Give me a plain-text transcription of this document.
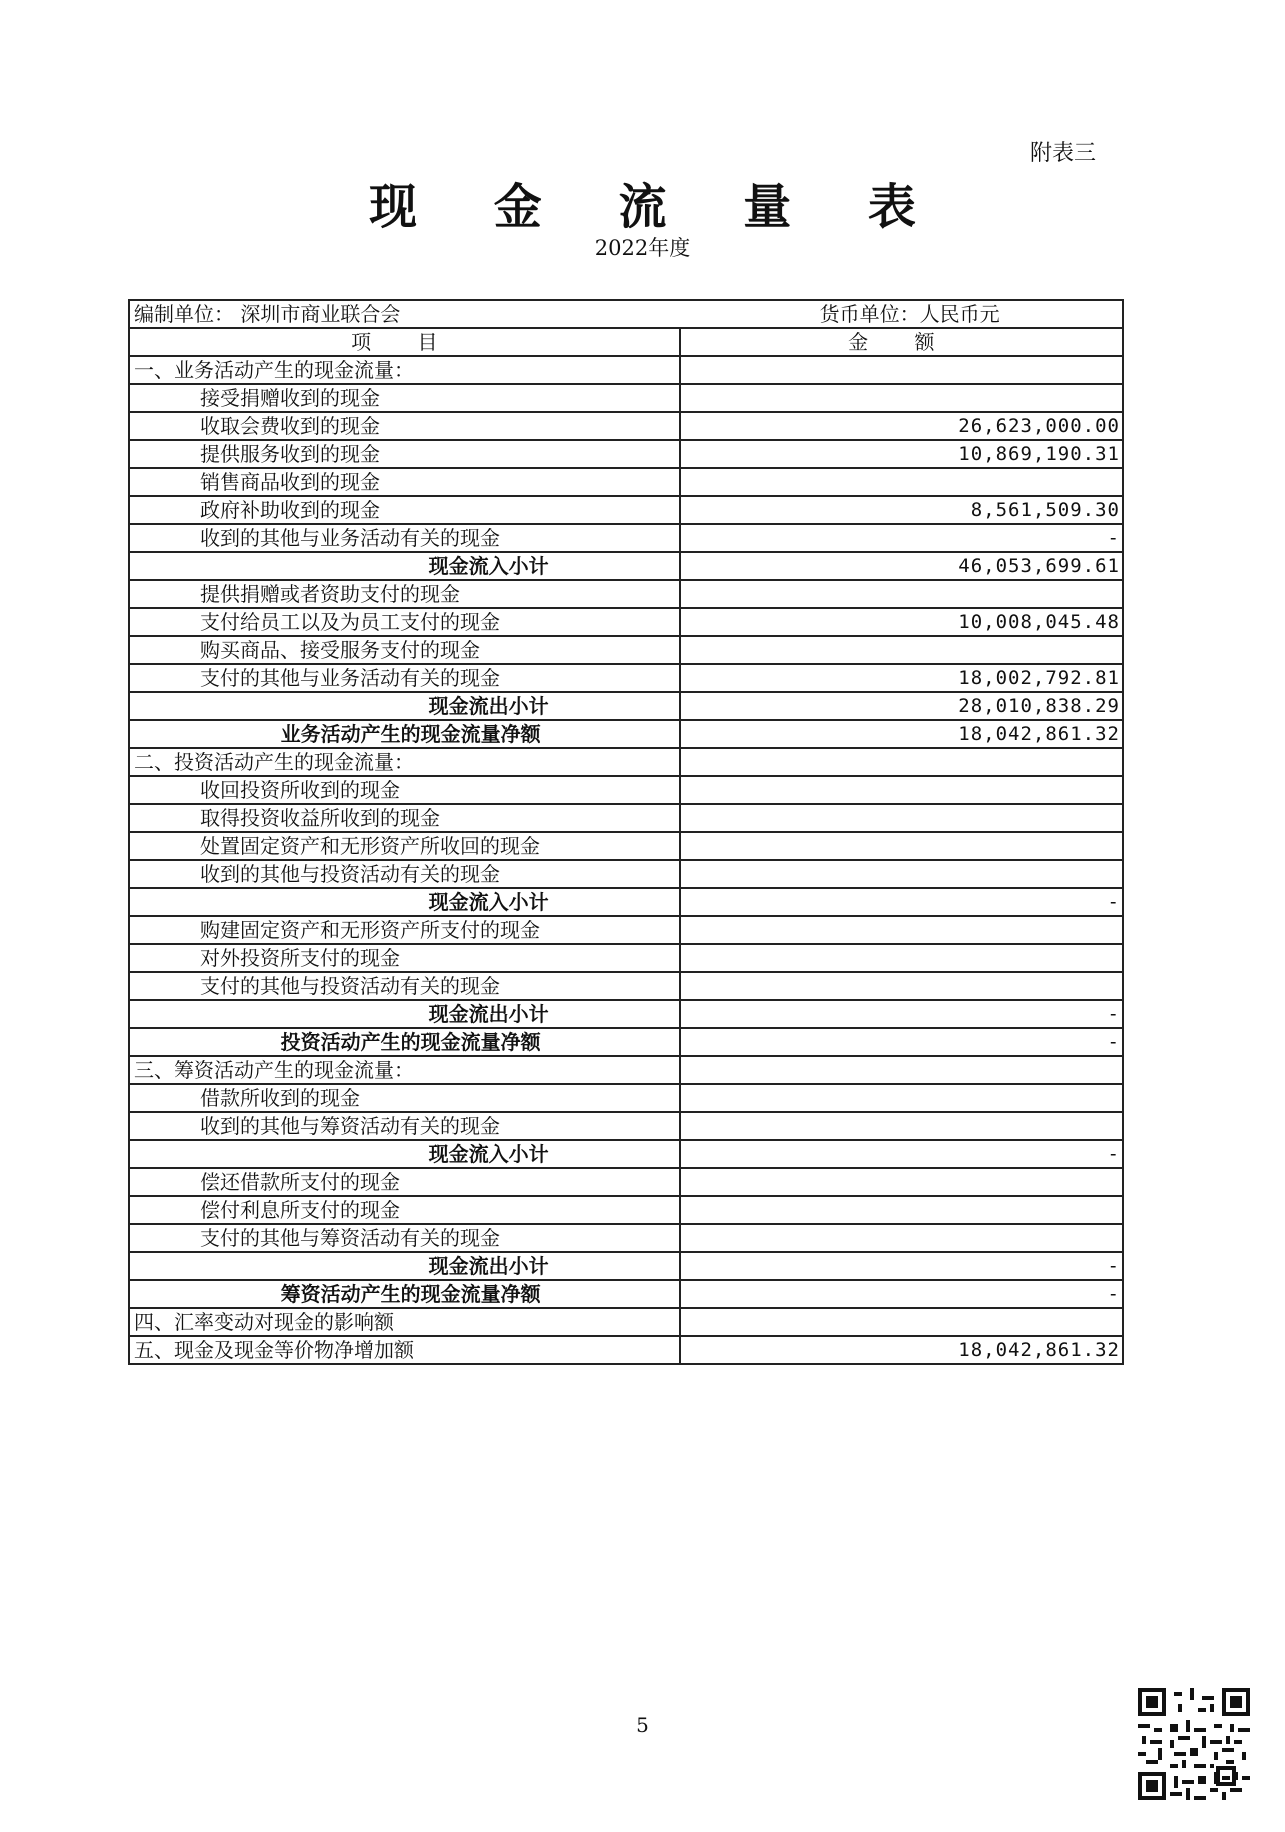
附表三
现 金 流 量 表
2022年度
编制单位： 深圳市商业联合会	货币单位：人民币元
项 目	金 额
一、业务活动产生的现金流量：	
接受捐赠收到的现金	
收取会费收到的现金	26,623,000.00
提供服务收到的现金	10,869,190.31
销售商品收到的现金	
政府补助收到的现金	8,561,509.30
收到的其他与业务活动有关的现金	-
现金流入小计	46,053,699.61
提供捐赠或者资助支付的现金	
支付给员工以及为员工支付的现金	10,008,045.48
购买商品、接受服务支付的现金	
支付的其他与业务活动有关的现金	18,002,792.81
现金流出小计	28,010,838.29
业务活动产生的现金流量净额	18,042,861.32
二、投资活动产生的现金流量：	
收回投资所收到的现金	
取得投资收益所收到的现金	
处置固定资产和无形资产所收回的现金	
收到的其他与投资活动有关的现金	
现金流入小计	-
购建固定资产和无形资产所支付的现金	
对外投资所支付的现金	
支付的其他与投资活动有关的现金	
现金流出小计	-
投资活动产生的现金流量净额	-
三、筹资活动产生的现金流量：	
借款所收到的现金	
收到的其他与筹资活动有关的现金	
现金流入小计	-
偿还借款所支付的现金	
偿付利息所支付的现金	
支付的其他与筹资活动有关的现金	
现金流出小计	-
筹资活动产生的现金流量净额	-
四、汇率变动对现金的影响额	
五、现金及现金等价物净增加额	18,042,861.32
5
